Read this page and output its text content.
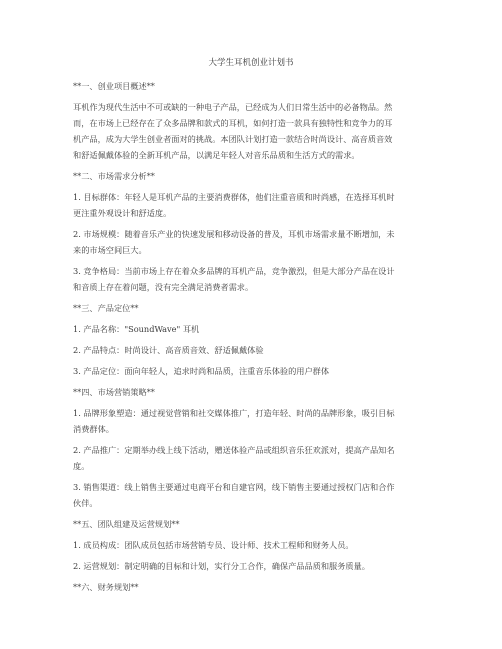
大学生耳机创业计划书
**一、创业项目概述**
耳机作为现代生活中不可或缺的一种电子产品，已经成为人们日常生活中的必备物品。然
而，在市场上已经存在了众多品牌和款式的耳机，如何打造一款具有独特性和竞争力的耳
机产品，成为大学生创业者面对的挑战。本团队计划打造一款结合时尚设计、高音质音效
和舒适佩戴体验的全新耳机产品，以满足年轻人对音乐品质和生活方式的需求。
**二、市场需求分析**
1. 目标群体：年轻人是耳机产品的主要消费群体，他们注重音质和时尚感，在选择耳机时
更注重外观设计和舒适度。
2. 市场规模：随着音乐产业的快速发展和移动设备的普及，耳机市场需求量不断增加，未
来的市场空间巨大。
3. 竞争格局：当前市场上存在着众多品牌的耳机产品，竞争激烈，但是大部分产品在设计
和音质上存在着问题，没有完全满足消费者需求。
**三、产品定位**
1. 产品名称："SoundWave" 耳机
2. 产品特点：时尚设计、高音质音效、舒适佩戴体验
3. 产品定位：面向年轻人，追求时尚和品质，注重音乐体验的用户群体
**四、市场营销策略**
1. 品牌形象塑造：通过视觉营销和社交媒体推广，打造年轻、时尚的品牌形象，吸引目标
消费群体。
2. 产品推广：定期举办线上线下活动，赠送体验产品或组织音乐狂欢派对，提高产品知名
度。
3. 销售渠道：线上销售主要通过电商平台和自建官网，线下销售主要通过授权门店和合作
伙伴。
**五、团队组建及运营规划**
1. 成员构成：团队成员包括市场营销专员、设计师、技术工程师和财务人员。
2. 运营规划：制定明确的目标和计划，实行分工合作，确保产品品质和服务质量。
**六、财务规划**
